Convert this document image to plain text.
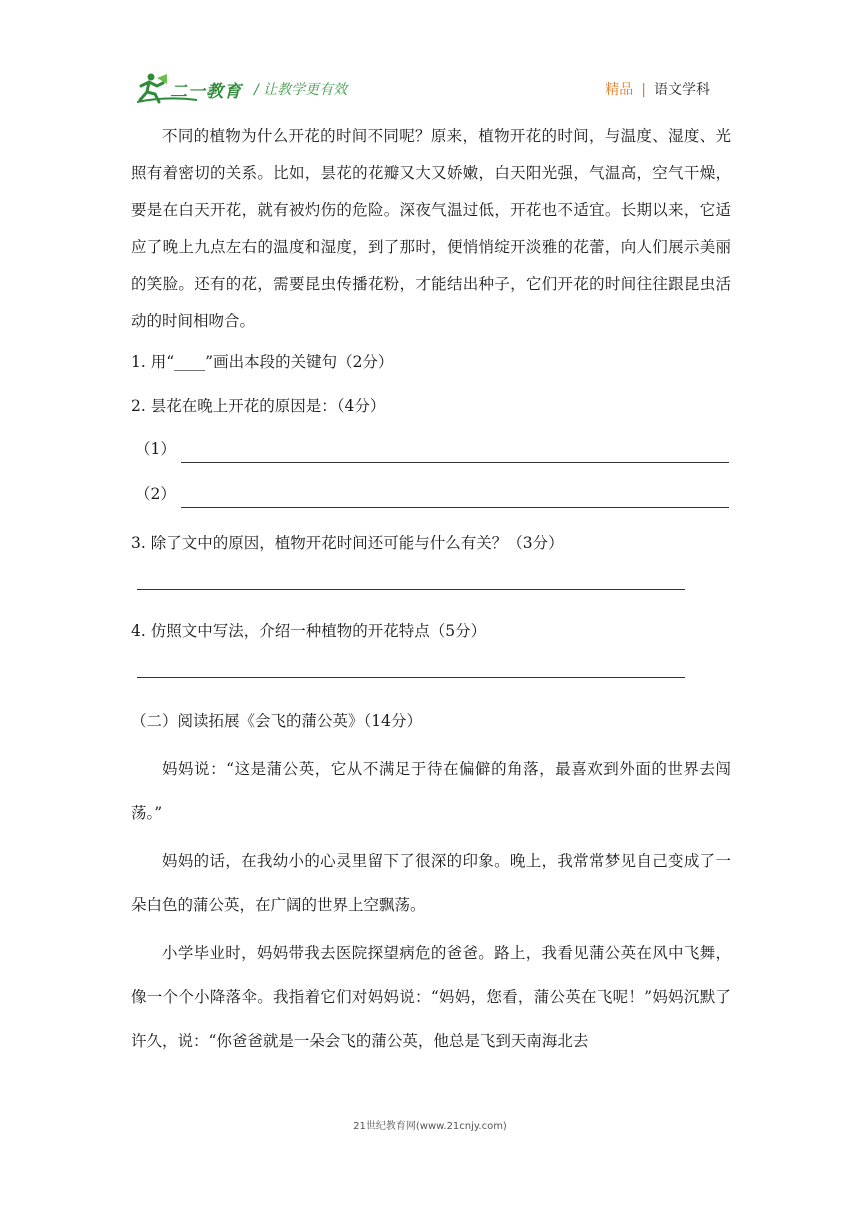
二一教育 / 让教学更有效	精品 | 语文学科

不同的植物为什么开花的时间不同呢？原来，植物开花的时间，与温度、湿度、光照有着密切的关系。比如，昙花的花瓣又大又娇嫩，白天阳光强，气温高，空气干燥，要是在白天开花，就有被灼伤的危险。深夜气温过低，开花也不适宜。长期以来，它适应了晚上九点左右的温度和湿度，到了那时，便悄悄绽开淡雅的花蕾，向人们展示美丽的笑脸。还有的花，需要昆虫传播花粉，才能结出种子，它们开花的时间往往跟昆虫活动的时间相吻合。

1. 用“____”画出本段的关键句（2分）

2. 昙花在晚上开花的原因是：（4分）

（1）
（2）

3. 除了文中的原因，植物开花时间还可能与什么有关？（3分）

4. 仿照文中写法，介绍一种植物的开花特点（5分）

（二）阅读拓展《会飞的蒲公英》（14分）

妈妈说：“这是蒲公英，它从不满足于待在偏僻的角落，最喜欢到外面的世界去闯荡。”

妈妈的话，在我幼小的心灵里留下了很深的印象。晚上，我常常梦见自己变成了一朵白色的蒲公英，在广阔的世界上空飘荡。

小学毕业时，妈妈带我去医院探望病危的爸爸。路上，我看见蒲公英在风中飞舞，像一个个小降落伞。我指着它们对妈妈说：“妈妈，您看，蒲公英在飞呢！”妈妈沉默了许久，说：“你爸爸就是一朵会飞的蒲公英，他总是飞到天南海北去

21世纪教育网(www.21cnjy.com)
